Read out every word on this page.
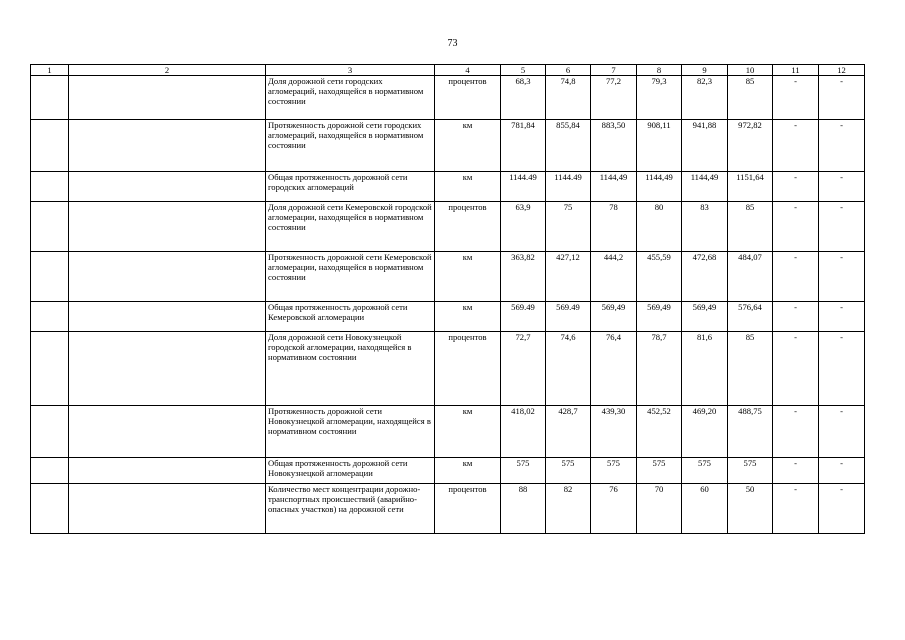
73
1	2	3	4	5	6	7	8	9	10	11	12
		Доля дорожной сети городских агломераций, находящейся в нормативном состоянии	процентов	68,3	74,8	77,2	79,3	82,3	85	-	-
		Протяженность дорожной сети городских агломераций, находящейся в нормативном состоянии	км	781,84	855,84	883,50	908,11	941,88	972,82	-	-
		Общая протяженность дорожной сети городских агломераций	км	1144.49	1144.49	1144,49	1144,49	1144,49	1151,64	-	-
		Доля дорожной сети Кемеровской городской агломерации, находящейся в нормативном состоянии	процентов	63,9	75	78	80	83	85	-	-
		Протяженность дорожной сети Кемеровской агломерации, находящейся в нормативном состоянии	км	363,82	427,12	444,2	455,59	472,68	484,07	-	-
		Общая протяженность дорожной сети Кемеровской агломерации	км	569.49	569.49	569,49	569,49	569,49	576,64	-	-
		Доля дорожной сети Новокузнецкой городской агломерации, находящейся в нормативном состоянии	процентов	72,7	74,6	76,4	78,7	81,6	85	-	-
		Протяженность дорожной сети Новокузнецкой агломерации, находящейся в нормативном состоянии	км	418,02	428,7	439,30	452,52	469,20	488,75	-	-
		Общая протяженность дорожной сети Новокузнецкой агломерации	км	575	575	575	575	575	575	-	-
		Количество мест концентрации дорожно-транспортных происшествий (аварийно-опасных участков) на дорожной сети	процентов	88	82	76	70	60	50	-	-
